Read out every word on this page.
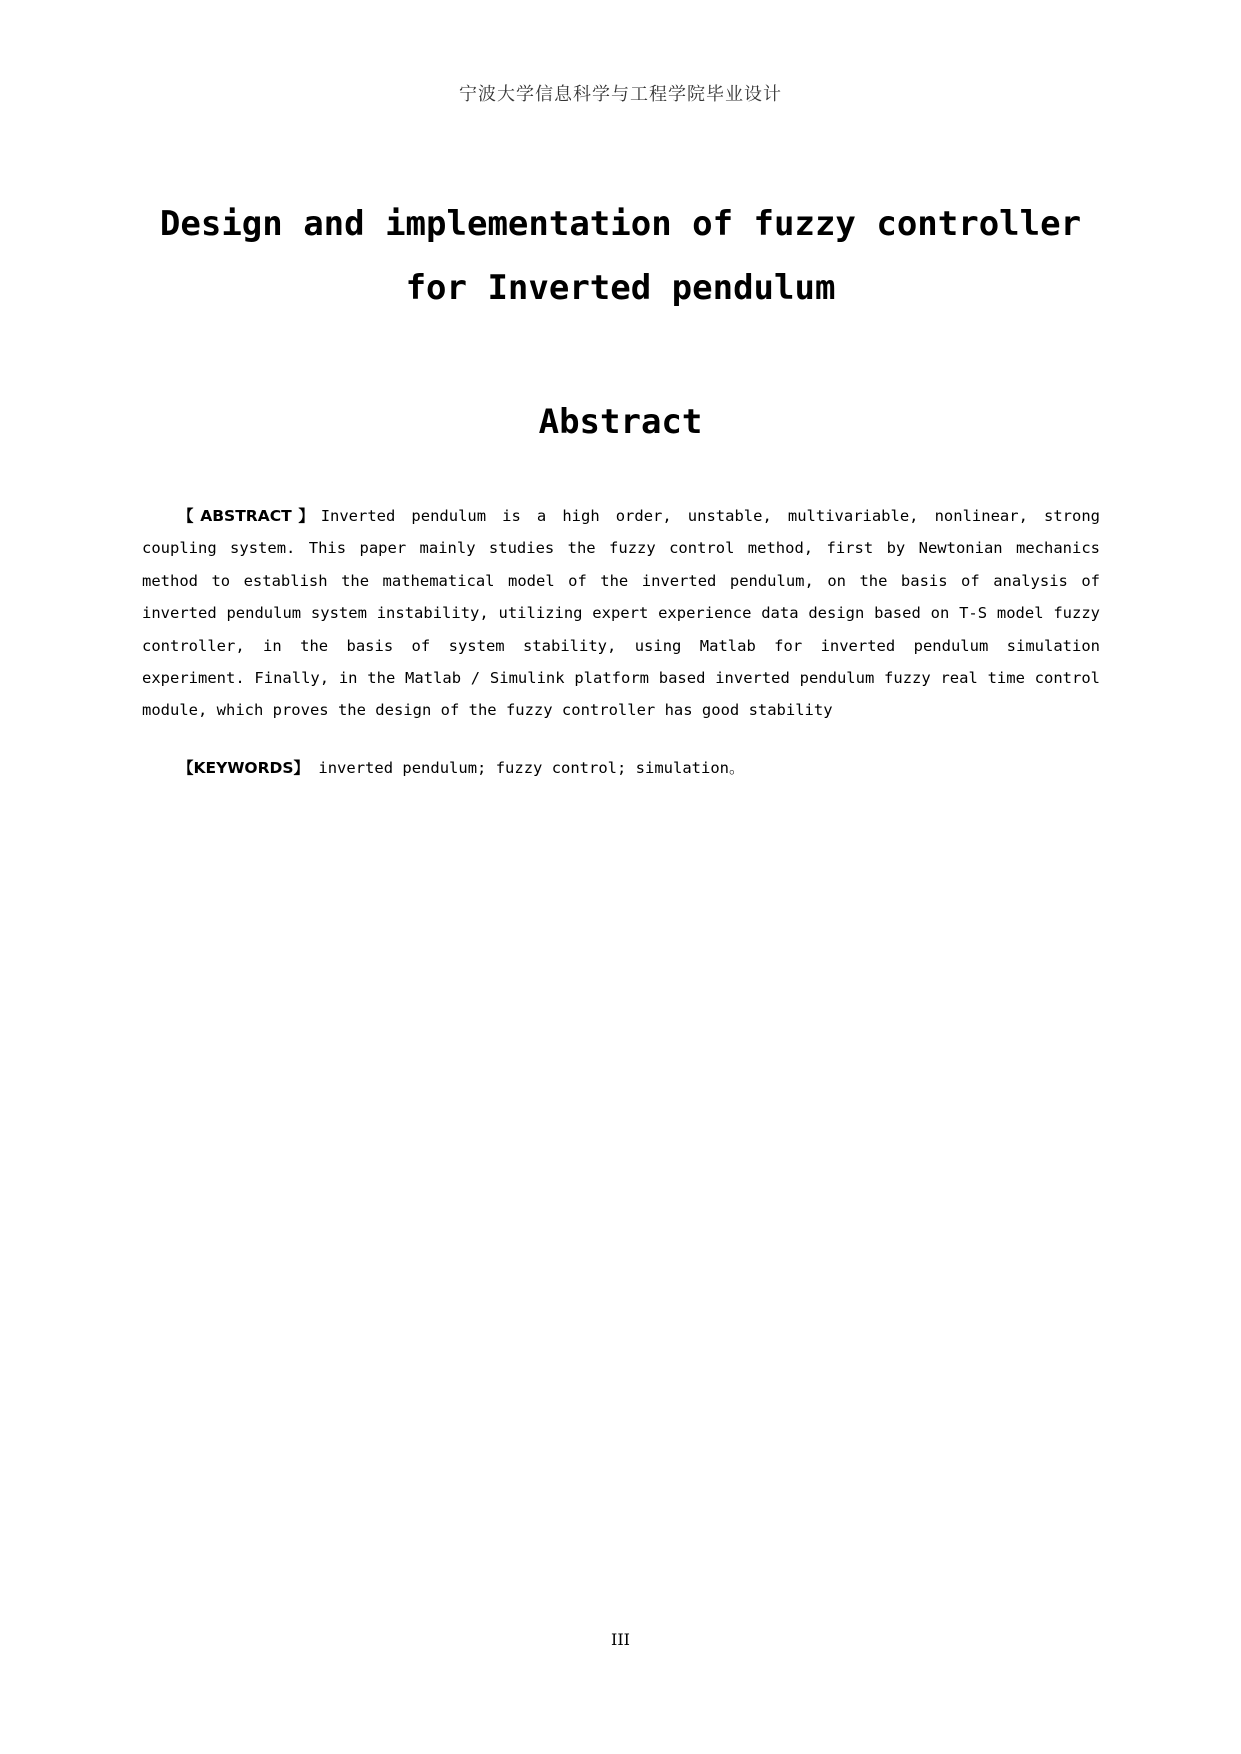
宁波大学信息科学与工程学院毕业设计
Design and implementation of fuzzy controller
for Inverted pendulum
Abstract

【ABSTRACT】Inverted pendulum is a high order, unstable, multivariable, nonlinear, strong coupling system. This paper mainly studies the fuzzy control method, first by Newtonian mechanics method to establish the mathematical model of the inverted pendulum, on the basis of analysis of inverted pendulum system instability, utilizing expert experience data design based on T-S model fuzzy controller, in the basis of system stability, using Matlab for inverted pendulum simulation experiment. Finally, in the Matlab / Simulink platform based inverted pendulum fuzzy real time control module, which proves the design of the fuzzy controller has good stability

【KEYWORDS】 inverted pendulum; fuzzy control; simulation。

III
